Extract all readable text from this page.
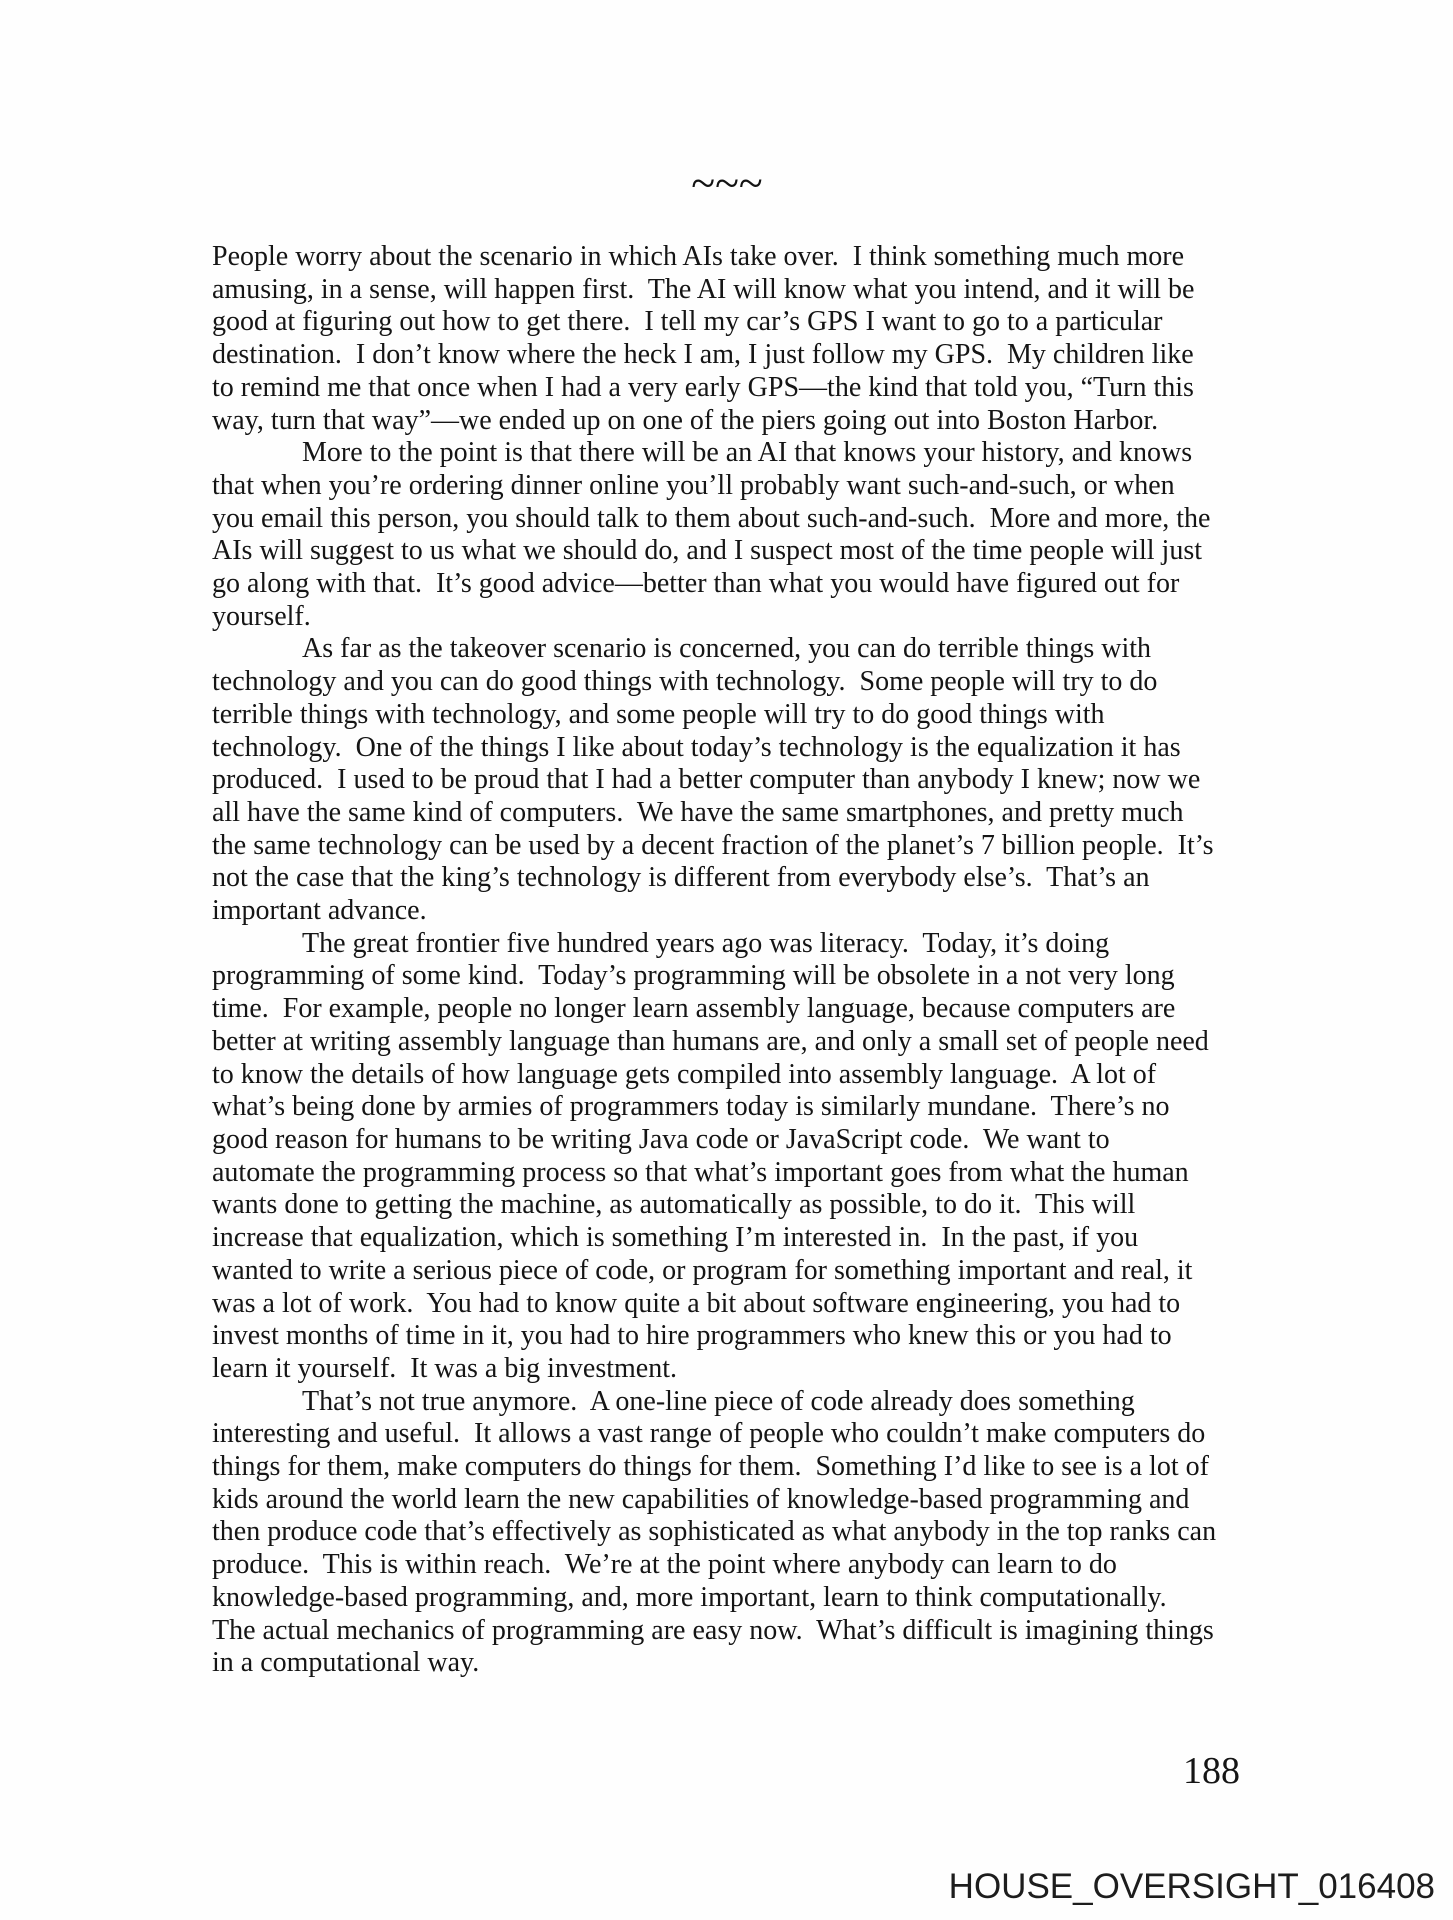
~~~
People worry about the scenario in which AIs take over.  I think something much more
amusing, in a sense, will happen first.  The AI will know what you intend, and it will be
good at figuring out how to get there.  I tell my car’s GPS I want to go to a particular
destination.  I don’t know where the heck I am, I just follow my GPS.  My children like
to remind me that once when I had a very early GPS—the kind that told you, “Turn this
way, turn that way”—we ended up on one of the piers going out into Boston Harbor.
More to the point is that there will be an AI that knows your history, and knows
that when you’re ordering dinner online you’ll probably want such-and-such, or when
you email this person, you should talk to them about such-and-such.  More and more, the
AIs will suggest to us what we should do, and I suspect most of the time people will just
go along with that.  It’s good advice—better than what you would have figured out for
yourself.
As far as the takeover scenario is concerned, you can do terrible things with
technology and you can do good things with technology.  Some people will try to do
terrible things with technology, and some people will try to do good things with
technology.  One of the things I like about today’s technology is the equalization it has
produced.  I used to be proud that I had a better computer than anybody I knew; now we
all have the same kind of computers.  We have the same smartphones, and pretty much
the same technology can be used by a decent fraction of the planet’s 7 billion people.  It’s
not the case that the king’s technology is different from everybody else’s.  That’s an
important advance.
The great frontier five hundred years ago was literacy.  Today, it’s doing
programming of some kind.  Today’s programming will be obsolete in a not very long
time.  For example, people no longer learn assembly language, because computers are
better at writing assembly language than humans are, and only a small set of people need
to know the details of how language gets compiled into assembly language.  A lot of
what’s being done by armies of programmers today is similarly mundane.  There’s no
good reason for humans to be writing Java code or JavaScript code.  We want to
automate the programming process so that what’s important goes from what the human
wants done to getting the machine, as automatically as possible, to do it.  This will
increase that equalization, which is something I’m interested in.  In the past, if you
wanted to write a serious piece of code, or program for something important and real, it
was a lot of work.  You had to know quite a bit about software engineering, you had to
invest months of time in it, you had to hire programmers who knew this or you had to
learn it yourself.  It was a big investment.
That’s not true anymore.  A one-line piece of code already does something
interesting and useful.  It allows a vast range of people who couldn’t make computers do
things for them, make computers do things for them.  Something I’d like to see is a lot of
kids around the world learn the new capabilities of knowledge-based programming and
then produce code that’s effectively as sophisticated as what anybody in the top ranks can
produce.  This is within reach.  We’re at the point where anybody can learn to do
knowledge-based programming, and, more important, learn to think computationally.
The actual mechanics of programming are easy now.  What’s difficult is imagining things
in a computational way.
188
HOUSE_OVERSIGHT_016408
